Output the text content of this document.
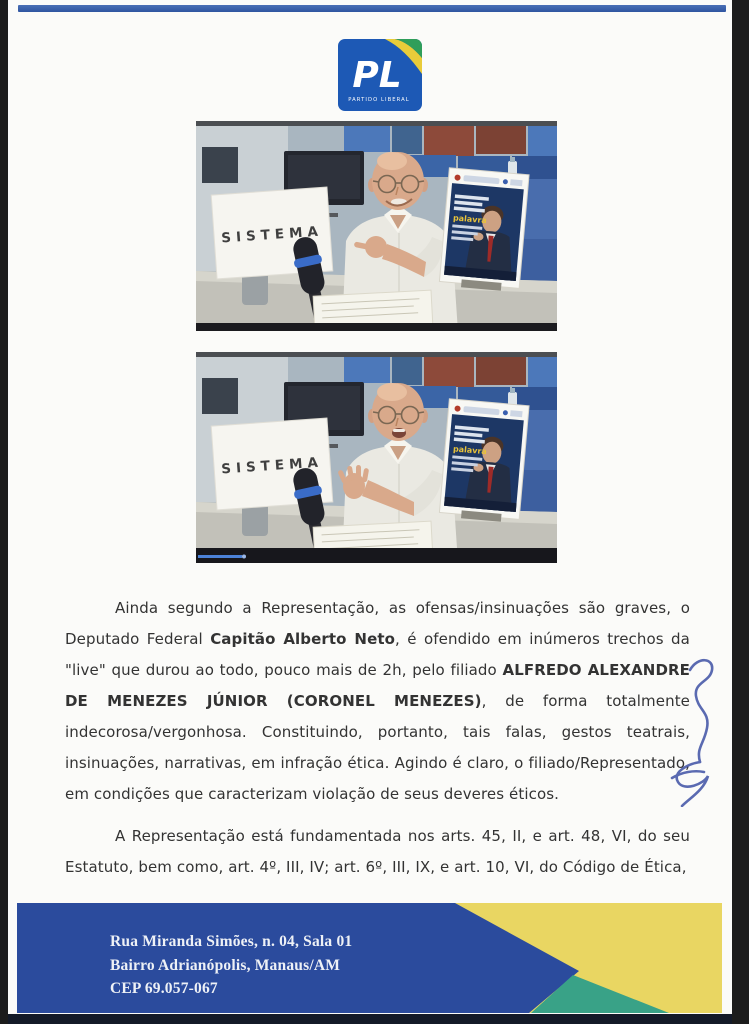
PL
PARTIDO LIBERAL

Ainda segundo a Representação, as ofensas/insinuações são graves, o Deputado Federal Capitão Alberto Neto, é ofendido em inúmeros trechos da "live" que durou ao todo, pouco mais de 2h, pelo filiado ALFREDO ALEXANDRE DE MENEZES JÚNIOR (CORONEL MENEZES), de forma totalmente indecorosa/vergonhosa. Constituindo, portanto, tais falas, gestos teatrais, insinuações, narrativas, em infração ética. Agindo é claro, o filiado/Representado, em condições que caracterizam violação de seus deveres éticos.

A Representação está fundamentada nos arts. 45, II, e art. 48, VI, do seu Estatuto, bem como, art. 4º, III, IV; art. 6º, III, IX, e art. 10, VI, do Código de Ética,

Rua Miranda Simões, n. 04, Sala 01
Bairro Adrianópolis, Manaus/AM
CEP 69.057-067
